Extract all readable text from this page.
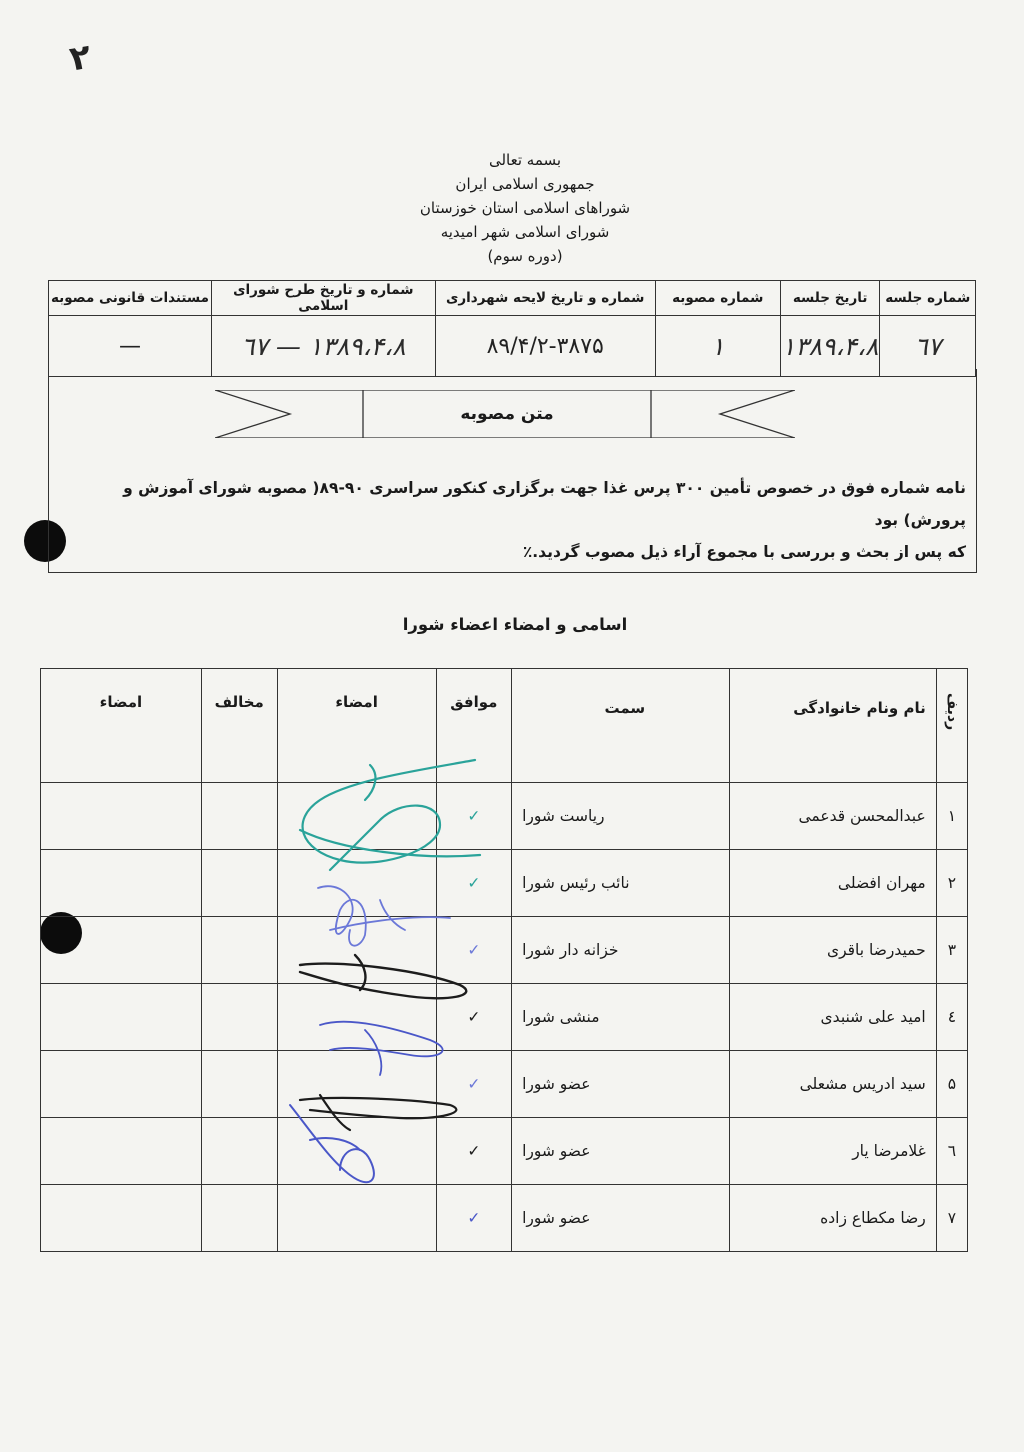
۲
بسمه تعالی
جمهوری اسلامی ایران
شوراهای اسلامی استان خوزستان
شورای اسلامی شهر امیدیه
(دوره سوم)
شماره جلسه	تاریخ جلسه	شماره مصوبه	شماره و تاریخ لایحه شهرداری	شماره و تاریخ طرح شورای اسلامی	مستندات قانونی مصوبه
٦٧	۱۳۸۹،۴،۸	۱	۸۹/۴/۲-۳۸۷۵	۱۳۸۹،۴،۸ — ٦٧	—
متن مصوبه
نامه شماره فوق در خصوص تأمین ۳۰۰ پرس غذا جهت برگزاری کنکور سراسری ۹۰-۸۹( مصوبه شورای آموزش و پرورش) بود
که پس از بحث و بررسی با مجموع آراء ذیل مصوب گردید.٪
اسامی و امضاء اعضاء شورا
ردیف	نام ونام خانوادگی	سمت	موافق	امضاء	مخالف	امضاء
۱	عبدالمحسن قدعمی	ریاست شورا	✓			
۲	مهران افضلی	نائب رئیس شورا	✓			
۳	حمیدرضا باقری	خزانه دار شورا	✓			
٤	امید علی شنبدی	منشی شورا	✓			
۵	سید ادریس مشعلی	عضو شورا	✓			
٦	غلامرضا یار	عضو شورا	✓			
۷	رضا مکطاع زاده	عضو شورا	✓			
